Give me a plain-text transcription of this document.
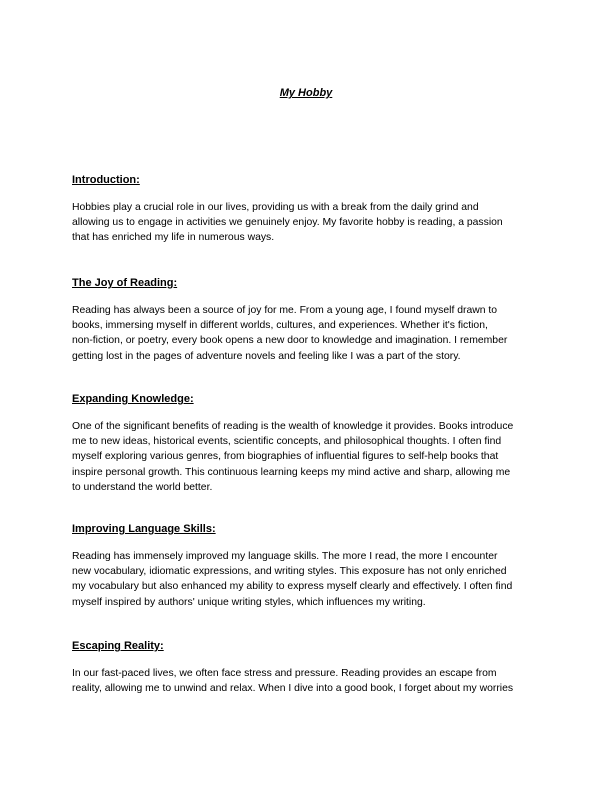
My Hobby
Introduction:
Hobbies play a crucial role in our lives, providing us with a break from the daily grind and
allowing us to engage in activities we genuinely enjoy. My favorite hobby is reading, a passion
that has enriched my life in numerous ways.
The Joy of Reading:
Reading has always been a source of joy for me. From a young age, I found myself drawn to
books, immersing myself in different worlds, cultures, and experiences. Whether it's fiction,
non-fiction, or poetry, every book opens a new door to knowledge and imagination. I remember
getting lost in the pages of adventure novels and feeling like I was a part of the story.
Expanding Knowledge:
One of the significant benefits of reading is the wealth of knowledge it provides. Books introduce
me to new ideas, historical events, scientific concepts, and philosophical thoughts. I often find
myself exploring various genres, from biographies of influential figures to self-help books that
inspire personal growth. This continuous learning keeps my mind active and sharp, allowing me
to understand the world better.
Improving Language Skills:
Reading has immensely improved my language skills. The more I read, the more I encounter
new vocabulary, idiomatic expressions, and writing styles. This exposure has not only enriched
my vocabulary but also enhanced my ability to express myself clearly and effectively. I often find
myself inspired by authors' unique writing styles, which influences my writing.
Escaping Reality:
In our fast-paced lives, we often face stress and pressure. Reading provides an escape from
reality, allowing me to unwind and relax. When I dive into a good book, I forget about my worries
